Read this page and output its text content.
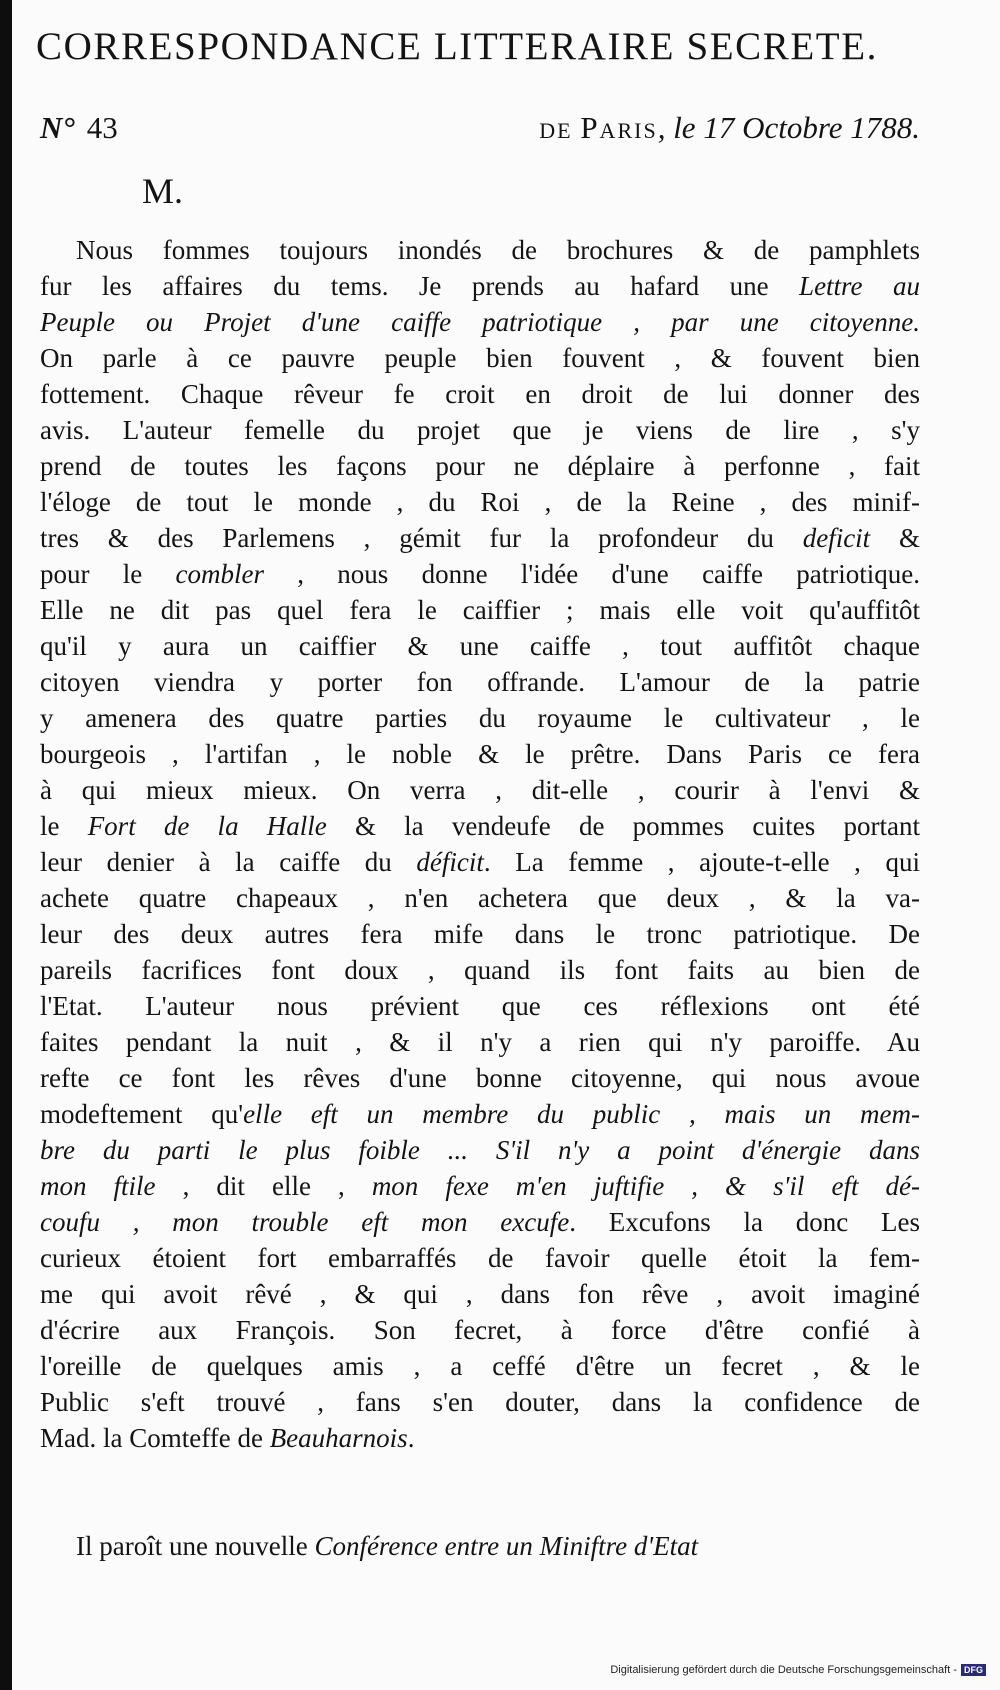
CORRESPONDANCE LITTERAIRE SECRETE.
N° 43	de Paris, le 17 Octobre 1788.
M.
Nous fommes toujours inondés de brochures & de pamphlets
fur les affaires du tems. Je prends au hafard une Lettre au
Peuple ou Projet d'une caiffe patriotique , par une citoyenne.
On parle à ce pauvre peuple bien fouvent , & fouvent bien
fottement. Chaque rêveur fe croit en droit de lui donner des
avis. L'auteur femelle du projet que je viens de lire , s'y
prend de toutes les façons pour ne déplaire à perfonne , fait
l'éloge de tout le monde , du Roi , de la Reine , des minif-
tres & des Parlemens , gémit fur la profondeur du deficit &
pour le combler , nous donne l'idée d'une caiffe patriotique.
Elle ne dit pas quel fera le caiffier ; mais elle voit qu'auffitôt
qu'il y aura un caiffier & une caiffe , tout auffitôt chaque
citoyen viendra y porter fon offrande. L'amour de la patrie
y amenera des quatre parties du royaume le cultivateur , le
bourgeois , l'artifan , le noble & le prêtre. Dans Paris ce fera
à qui mieux mieux. On verra , dit-elle , courir à l'envi &
le Fort de la Halle & la vendeufe de pommes cuites portant
leur denier à la caiffe du déficit. La femme , ajoute-t-elle , qui
achete quatre chapeaux , n'en achetera que deux , & la va-
leur des deux autres fera mife dans le tronc patriotique. De
pareils facrifices font doux , quand ils font faits au bien de
l'Etat. L'auteur nous prévient que ces réflexions ont été
faites pendant la nuit , & il n'y a rien qui n'y paroiffe. Au
refte ce font les rêves d'une bonne citoyenne, qui nous avoue
modeftement qu'elle eft un membre du public , mais un mem-
bre du parti le plus foible ... S'il n'y a point d'énergie dans
mon ftile , dit elle , mon fexe m'en juftifie , & s'il eft dé-
coufu , mon trouble eft mon excufe. Excufons la donc Les
curieux étoient fort embarraffés de favoir quelle étoit la fem-
me qui avoit rêvé , & qui , dans fon rêve , avoit imaginé
d'écrire aux François. Son fecret, à force d'être confié à
l'oreille de quelques amis , a ceffé d'être un fecret , & le
Public s'eft trouvé , fans s'en douter, dans la confidence de
Mad. la Comteffe de Beauharnois.
Il paroît une nouvelle Conférence entre un Miniftre d'Etat
Digitalisierung gefördert durch die Deutsche Forschungsgemeinschaft - DFG
